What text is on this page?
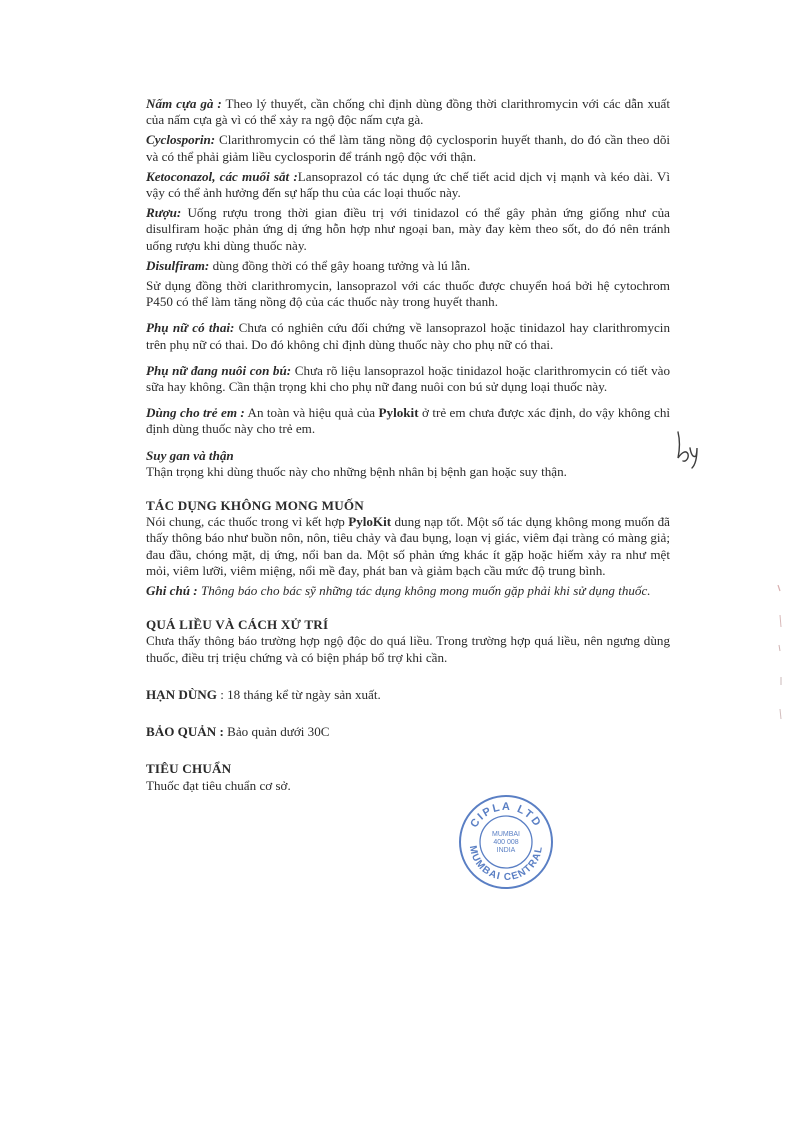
Nấm cựa gà : Theo lý thuyết, cần chống chỉ định dùng đồng thời clarithromycin với các dẫn xuất của nấm cựa gà vì có thể xảy ra ngộ độc nấm cựa gà.

Cyclosporin: Clarithromycin có thể làm tăng nồng độ cyclosporin huyết thanh, do đó cần theo dõi và có thể phải giảm liều cyclosporin để tránh ngộ độc với thận.

Ketoconazol, các muối sắt :Lansoprazol có tác dụng ức chế tiết acid dịch vị mạnh và kéo dài. Vì vậy có thể ảnh hưởng đến sự hấp thu của các loại thuốc này.

Rượu: Uống rượu trong thời gian điều trị với tinidazol có thể gây phản ứng giống như của disulfiram hoặc phản ứng dị ứng hỗn hợp như ngoại ban, mày đay kèm theo sốt, do đó nên tránh uống rượu khi dùng thuốc này.

Disulfiram: dùng đồng thời có thể gây hoang tưởng và lú lẫn.

Sử dụng đồng thời clarithromycin, lansoprazol với các thuốc được chuyển hoá bởi hệ cytochrom P450 có thể làm tăng nồng độ của các thuốc này trong huyết thanh.

Phụ nữ có thai: Chưa có nghiên cứu đối chứng về lansoprazol hoặc tinidazol hay clarithromycin trên phụ nữ có thai. Do đó không chỉ định dùng thuốc này cho phụ nữ có thai.

Phụ nữ đang nuôi con bú: Chưa rõ liệu lansoprazol hoặc tinidazol hoặc clarithromycin có tiết vào sữa hay không. Cần thận trọng khi cho phụ nữ đang nuôi con bú sử dụng loại thuốc này.

Dùng cho trẻ em : An toàn và hiệu quả của Pylokit ở trẻ em chưa được xác định, do vậy không chỉ định dùng thuốc này cho trẻ em.

Suy gan và thận
Thận trọng khi dùng thuốc này cho những bệnh nhân bị bệnh gan hoặc suy thận.

TÁC DỤNG KHÔNG MONG MUỐN

Nói chung, các thuốc trong vỉ kết hợp PyloKit dung nạp tốt. Một số tác dụng không mong muốn đã thấy thông báo như buồn nôn, nôn, tiêu chảy và đau bụng, loạn vị giác, viêm đại tràng có màng giả; đau đầu, chóng mặt, dị ứng, nổi ban da. Một số phản ứng khác ít gặp hoặc hiếm xảy ra như mệt mỏi, viêm lưỡi, viêm miệng, nổi mề đay, phát ban và giảm bạch cầu mức độ trung bình.

Ghi chú : Thông báo cho bác sỹ những tác dụng không mong muốn gặp phải khi sử dụng thuốc.

QUÁ LIỀU VÀ CÁCH XỬ TRÍ

Chưa thấy thông báo trường hợp ngộ độc do quá liều. Trong trường hợp quá liều, nên ngưng dùng thuốc, điều trị triệu chứng và có biện pháp bổ trợ khi cần.

HẠN DÙNG : 18 tháng kể từ ngày sản xuất.

BẢO QUẢN : Bảo quản dưới 30C

TIÊU CHUẨN

Thuốc đạt tiêu chuẩn cơ sở.

CIPLA LTD
MUMBAI CENTRAL
MUMBAI
400 008
INDIA
